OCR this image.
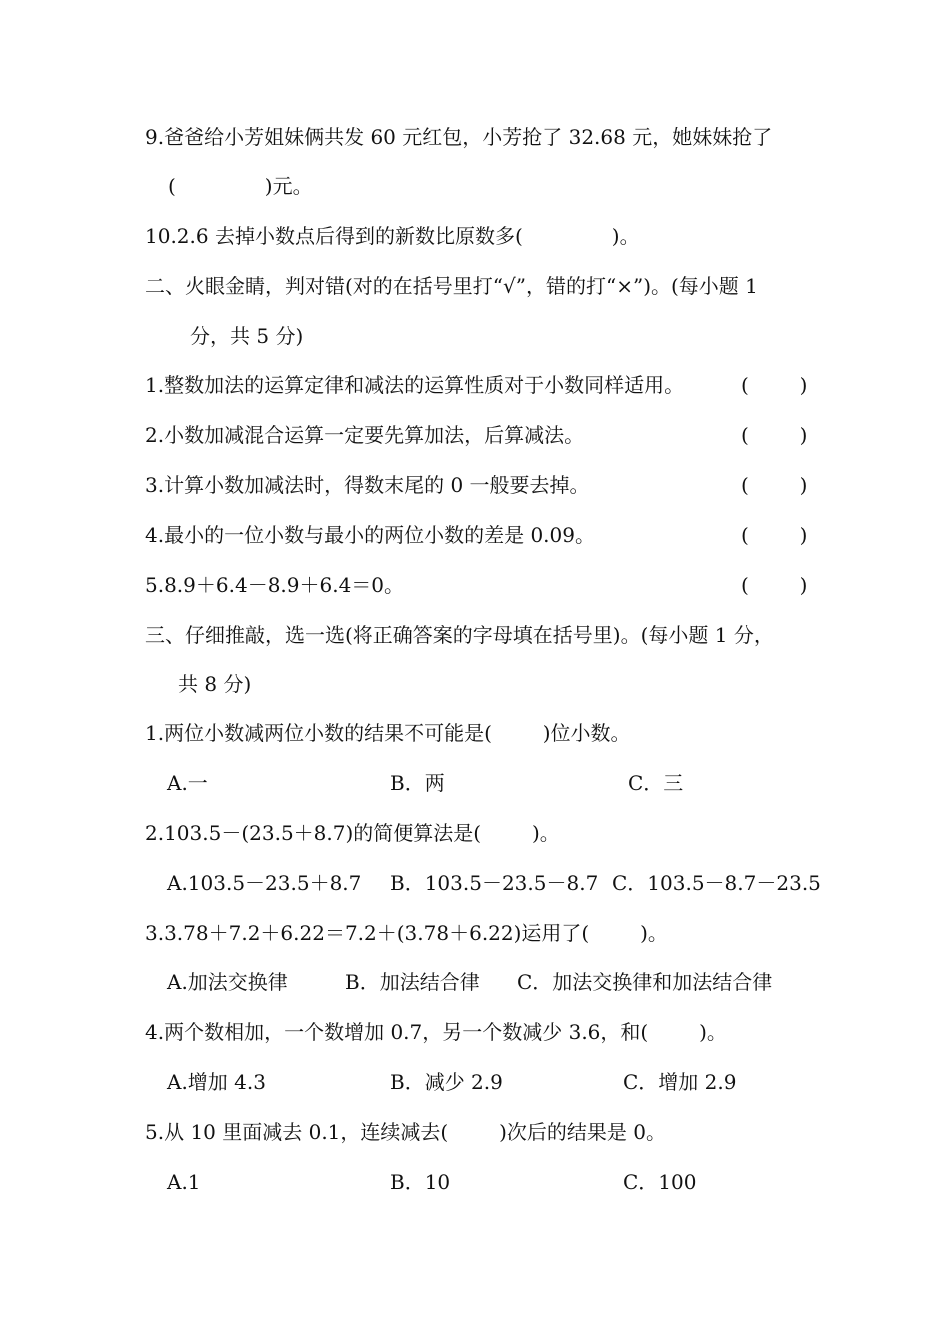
9.爸爸给小芳姐妹俩共发 60 元红包，小芳抢了 32.68 元，她妹妹抢了
(              )元。
10.2.6 去掉小数点后得到的新数比原数多(              )。
二、火眼金睛，判对错(对的在括号里打“√”，错的打“×”)。(每小题 1
分，共 5 分)
1.整数加法的运算定律和减法的运算性质对于小数同样适用。	(        )
2.小数加减混合运算一定要先算加法，后算减法。	(        )
3.计算小数加减法时，得数末尾的 0 一般要去掉。	(        )
4.最小的一位小数与最小的两位小数的差是 0.09。	(        )
5.8.9＋6.4－8.9＋6.4＝0。	(        )
三、仔细推敲，选一选(将正确答案的字母填在括号里)。(每小题 1 分，
共 8 分)
1.两位小数减两位小数的结果不可能是(        )位小数。
A.一	B．两	C．三
2.103.5－(23.5＋8.7)的简便算法是(        )。
A.103.5－23.5＋8.7 B．103.5－23.5－8.7 C．103.5－8.7－23.5
3.3.78＋7.2＋6.22＝7.2＋(3.78＋6.22)运用了(        )。
A.加法交换律	B．加法结合律 C．加法交换律和加法结合律
4.两个数相加，一个数增加 0.7，另一个数减少 3.6，和(        )。
A.增加 4.3	B．减少 2.9	C．增加 2.9
5.从 10 里面减去 0.1，连续减去(        )次后的结果是 0。
A.1	B．10	C．100
